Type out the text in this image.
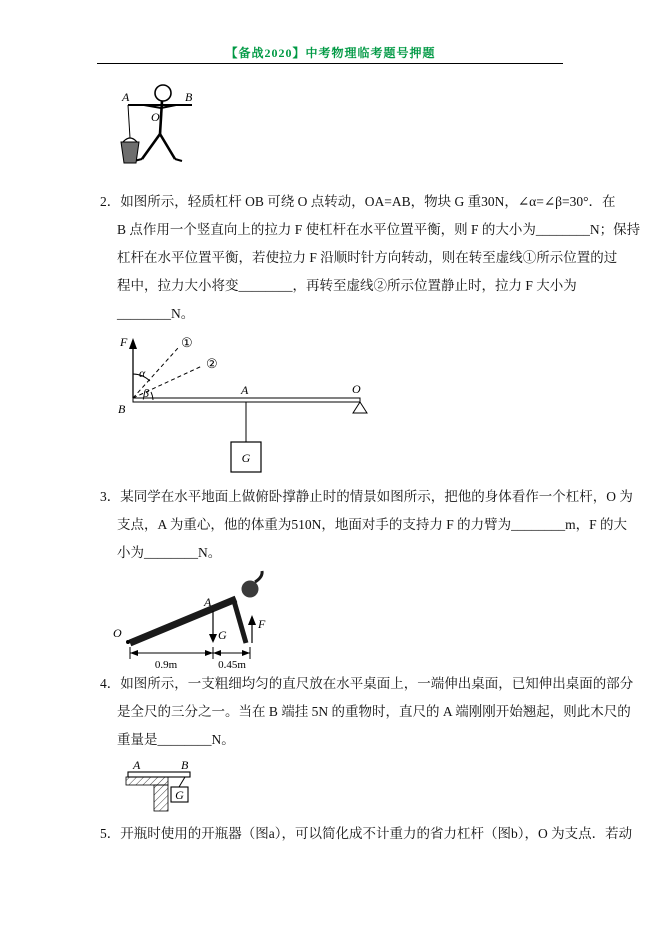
【备战2020】中考物理临考题号押题
A	B
O
2．如图所示，轻质杠杆 OB 可绕 O 点转动，OA=AB，物块 G 重30N，∠α=∠β=30°．在
B 点作用一个竖直向上的拉力 F 使杠杆在水平位置平衡，则 F 的大小为________N；保持
杠杆在水平位置平衡，若使拉力 F 沿顺时针方向转动，则在转至虚线①所示位置的过
程中，拉力大小将变________，再转至虚线②所示位置静止时，拉力 F 大小为
________N。
F
α
β
①
②
B
A	O
G
3．某同学在水平地面上做俯卧撑静止时的情景如图所示，把他的身体看作一个杠杆，O 为
支点，A 为重心，他的体重为510N，地面对手的支持力 F 的力臂为________m，F 的大
小为________N。
O
A
G
F
0.9m	0.45m
4．如图所示，一支粗细均匀的直尺放在水平桌面上，一端伸出桌面，已知伸出桌面的部分
是全尺的三分之一。当在 B 端挂 5N 的重物时，直尺的 A 端刚刚开始翘起，则此木尺的
重量是________N。
A	B
G
5．开瓶时使用的开瓶器（图a），可以简化成不计重力的省力杠杆（图b），O 为支点．若动
